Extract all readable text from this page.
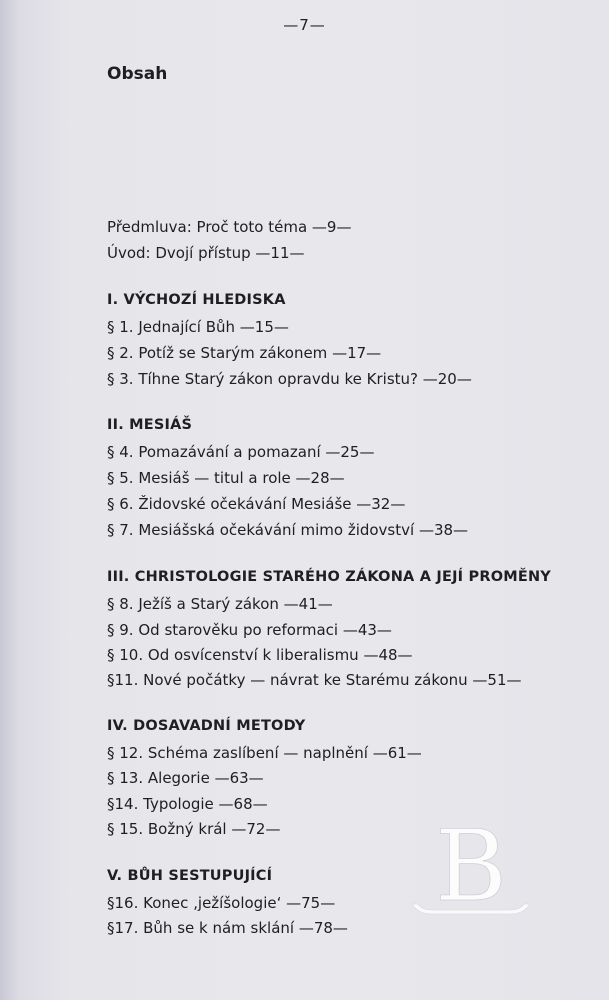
—7—
Obsah
Předmluva: Proč toto téma —9—
Úvod: Dvojí přístup —11—
I. VÝCHOZÍ HLEDISKA
§ 1. Jednající Bůh —15—
§ 2. Potíž se Starým zákonem —17—
§ 3. Tíhne Starý zákon opravdu ke Kristu? —20—
II. MESIÁŠ
§ 4. Pomazávání a pomazaní —25—
§ 5. Mesiáš — titul a role —28—
§ 6. Židovské očekávání Mesiáše —32—
§ 7. Mesiášská očekávání mimo židovství —38—
III. CHRISTOLOGIE STARÉHO ZÁKONA A JEJÍ PROMĚNY
§ 8. Ježíš a Starý zákon —41—
§ 9. Od starověku po reformaci —43—
§ 10. Od osvícenství k liberalismu —48—
§11. Nové počátky — návrat ke Starému zákonu —51—
IV. DOSAVADNÍ METODY
§ 12. Schéma zaslíbení — naplnění —61—
§ 13. Alegorie —63—
§14. Typologie —68—
§ 15. Božný král —72—
V. BŮH SESTUPUJÍCÍ
§16. Konec ‚ježíšologie‘ —75—
§17. Bůh se k nám sklání —78—
B
